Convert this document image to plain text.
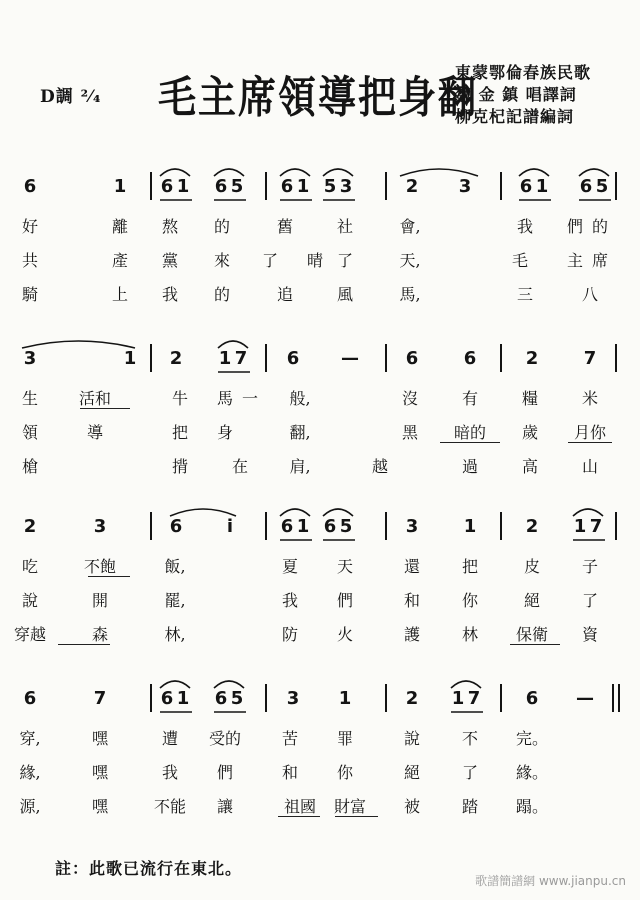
D調 ²⁄₄ 毛主席領導把身翻
東蒙鄂倫春族民歌
魏 金 鎮 唱譯詞
柳克杞記譜編詞
6	1 6 1 6 5 6 1 5 3	2 3	6 1 6 5
好	離 熬 的	舊	社	會,	我 們 的
共	產 黨 來 了 晴 了	天,	毛 主 席
騎	上 我 的	追	風	馬,	三	八
3	1 2 1 7 6 —	6	6	2	7
生	活和	牛 馬 一 般,	沒	有	糧	米
領	導	把 身	翻,	黑 暗的 歲 月你
槍	揹	在	肩,	越	過	高	山
2	3	6 i	6 1 6 5	3	1	2 1 7
吃	不飽	飯,	夏 天	還	把	皮	子
說	開	罷,	我 們	和	你	絕	了
穿越	森	林,	防 火	護	林 保衛 資
6	7	6 1 6 5 3 1	2 1 7	6 —
穿,	嘿	遭 受的	苦 罪	說	不 完。
緣,	嘿	我 們	和 你	絕	了 緣。
源,	嘿	不能 讓	祖國 財富 被	踏 蹋。
註：此歌已流行在東北。
歌譜簡譜網 www.jianpu.cn
